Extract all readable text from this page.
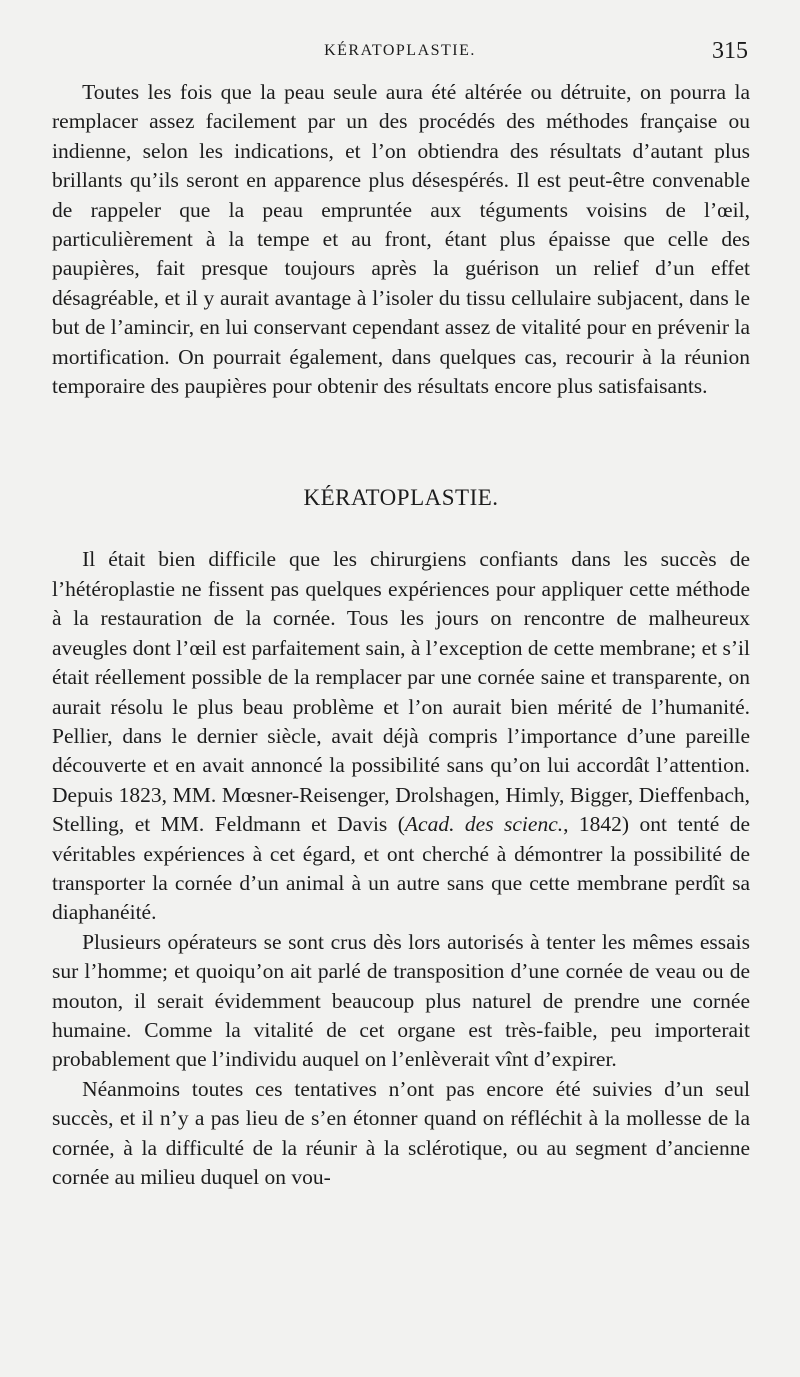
KÉRATOPLASTIE.	315

Toutes les fois que la peau seule aura été altérée ou détruite, on pourra la remplacer assez facilement par un des procédés des méthodes française ou indienne, selon les indications, et l’on obtiendra des résultats d’autant plus brillants qu’ils seront en apparence plus désespérés. Il est peut-être convenable de rappeler que la peau empruntée aux téguments voisins de l’œil, particulièrement à la tempe et au front, étant plus épaisse que celle des paupières, fait presque toujours après la guérison un relief d’un effet désagréable, et il y aurait avantage à l’isoler du tissu cellulaire subjacent, dans le but de l’amincir, en lui conservant cependant assez de vitalité pour en prévenir la mortification. On pourrait également, dans quelques cas, recourir à la réunion temporaire des paupières pour obtenir des résultats encore plus satisfaisants.

KÉRATOPLASTIE.

Il était bien difficile que les chirurgiens confiants dans les succès de l’hétéroplastie ne fissent pas quelques expériences pour appliquer cette méthode à la restauration de la cornée. Tous les jours on rencontre de malheureux aveugles dont l’œil est parfaitement sain, à l’exception de cette membrane; et s’il était réellement possible de la remplacer par une cornée saine et transparente, on aurait résolu le plus beau problème et l’on aurait bien mérité de l’humanité. Pellier, dans le dernier siècle, avait déjà compris l’importance d’une pareille découverte et en avait annoncé la possibilité sans qu’on lui accordât l’attention. Depuis 1823, MM. Mœsner-Reisenger, Drolshagen, Himly, Bigger, Dieffenbach, Stelling, et MM. Feldmann et Davis (Acad. des scienc., 1842) ont tenté de véritables expériences à cet égard, et ont cherché à démontrer la possibilité de transporter la cornée d’un animal à un autre sans que cette membrane perdît sa diaphanéité.

Plusieurs opérateurs se sont crus dès lors autorisés à tenter les mêmes essais sur l’homme; et quoiqu’on ait parlé de transposition d’une cornée de veau ou de mouton, il serait évidemment beaucoup plus naturel de prendre une cornée humaine. Comme la vitalité de cet organe est très-faible, peu importerait probablement que l’individu auquel on l’enlèverait vînt d’expirer.

Néanmoins toutes ces tentatives n’ont pas encore été suivies d’un seul succès, et il n’y a pas lieu de s’en étonner quand on réfléchit à la mollesse de la cornée, à la difficulté de la réunir à la sclérotique, ou au segment d’ancienne cornée au milieu duquel on vou-
